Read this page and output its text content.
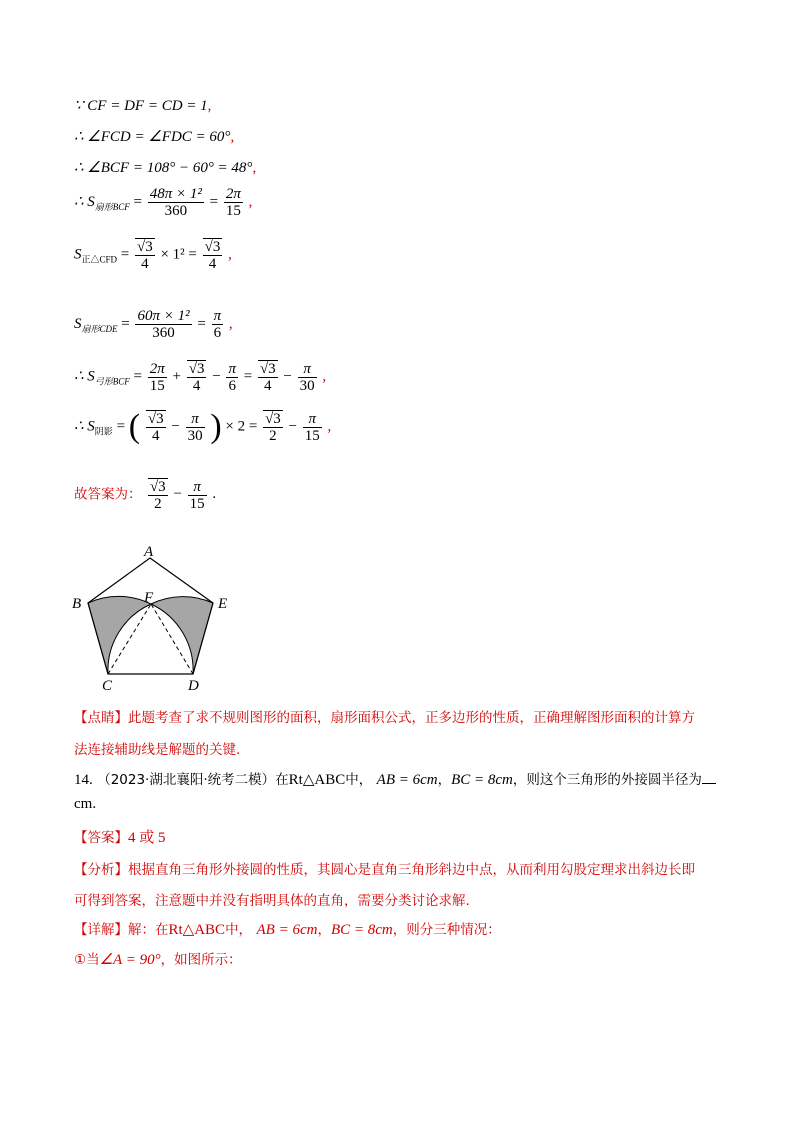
∵ CF = DF = CD = 1,
∴ ∠FCD = ∠FDC = 60°,
∴ ∠BCF = 108° − 60° = 48°,
∴ $S_{扇形BCF} = \frac{\text{48π × 1²}}{360} = \frac{2\pi}{15}$ ,
$S_{正\triangle CFD} = \frac{√3}{4} \times 1^2 = \frac{√3}{4}$ ,
$S_{扇形CDE} = \frac{\text{60π × 1²}}{360} = \frac{\pi}{6}$ ,
∴ $S_{弓形BCF} = \frac{2\pi}{15} + \frac{√3}{4} - \frac{\pi}{6} = \frac{√3}{4} - \frac{\pi}{30}$ ,
∴ $S_{阴影}$ = ( $\frac{√3}{4} - \frac{\pi}{30}$ ) × $2 = \frac{√3}{2} - \frac{\pi}{15}$ ,
故答案为： $\frac{√3}{2} - \frac{\pi}{15}$ .
A
B	E
F
C	D
【点睛】此题考查了求不规则图形的面积，扇形面积公式，正多边形的性质，正确理解图形面积的计算方
法连接辅助线是解题的关键.
14. （2023·湖北襄阳·统考二模）在Rt△ABC中， AB = 6cm，BC = 8cm，则这个三角形的外接圆半径为
cm.
【答案】4 或 5
【分析】根据直角三角形外接圆的性质，其圆心是直角三角形斜边中点，从而利用勾股定理求出斜边长即
可得到答案，注意题中并没有指明具体的直角，需要分类讨论求解.
【详解】解：在Rt△ABC中， AB = 6cm，BC = 8cm，则分三种情况：
①当∠A = 90°，如图所示：
